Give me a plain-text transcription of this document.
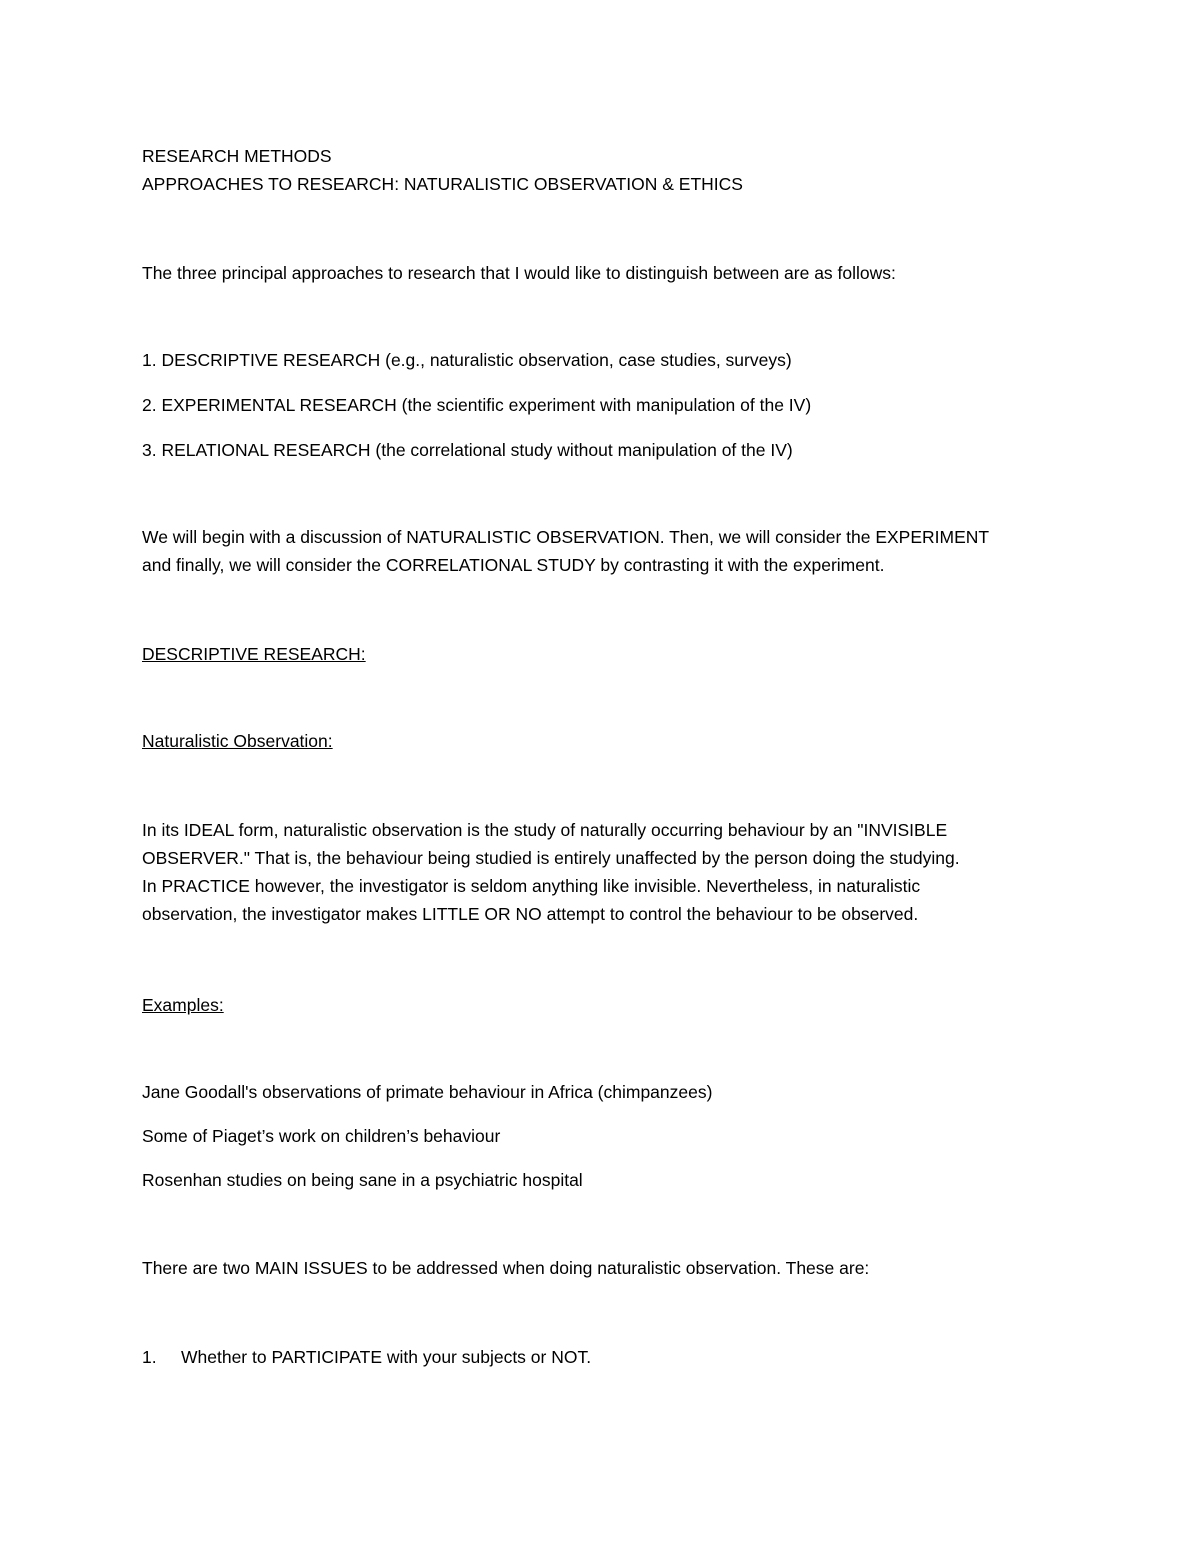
RESEARCH METHODS

APPROACHES TO RESEARCH: NATURALISTIC OBSERVATION & ETHICS

The three principal approaches to research that I would like to distinguish between are as follows:

1. DESCRIPTIVE RESEARCH (e.g., naturalistic observation, case studies, surveys)

2. EXPERIMENTAL RESEARCH (the scientific experiment with manipulation of the IV)

3. RELATIONAL RESEARCH (the correlational study without manipulation of the IV)

We will begin with a discussion of NATURALISTIC OBSERVATION. Then, we will consider the EXPERIMENT

and finally, we will consider the CORRELATIONAL STUDY by contrasting it with the experiment.

DESCRIPTIVE RESEARCH:

Naturalistic Observation:

In its IDEAL form, naturalistic observation is the study of naturally occurring behaviour by an "INVISIBLE

OBSERVER." That is, the behaviour being studied is entirely unaffected by the person doing the studying.

In PRACTICE however, the investigator is seldom anything like invisible. Nevertheless, in naturalistic

observation, the investigator makes LITTLE OR NO attempt to control the behaviour to be observed.

Examples:

Jane Goodall's observations of primate behaviour in Africa (chimpanzees)

Some of Piaget’s work on children’s behaviour

Rosenhan studies on being sane in a psychiatric hospital

There are two MAIN ISSUES to be addressed when doing naturalistic observation. These are:

1. Whether to PARTICIPATE with your subjects or NOT.
